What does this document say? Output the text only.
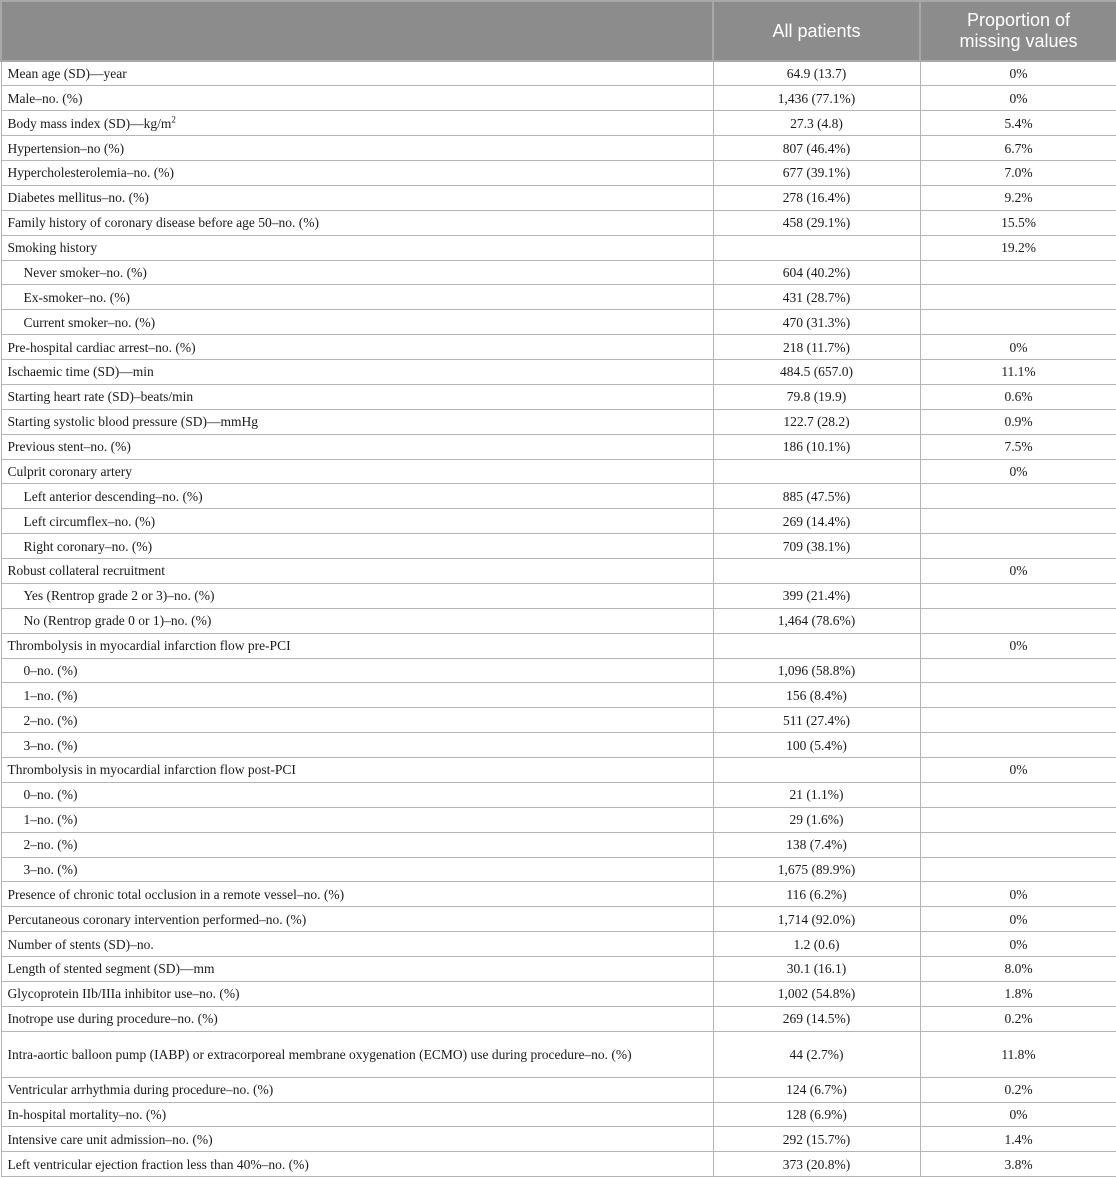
	All patients	Proportion of
missing values
Mean age (SD)—year	64.9 (13.7)	0%
Male–no. (%)	1,436 (77.1%)	0%
Body mass index $(SD)—kg/m^2$	27.3 (4.8)	5.4%
Hypertension–no (%)	807 (46.4%)	6.7%
Hypercholesterolemia–no. (%)	677 (39.1%)	7.0%
Diabetes mellitus–no. (%)	278 (16.4%)	9.2%
Family history of coronary disease before age 50–no. (%)	458 (29.1%)	15.5%
Smoking history		19.2%
Never smoker–no. (%)	604 (40.2%)	
Ex-smoker–no. (%)	431 (28.7%)	
Current smoker–no. (%)	470 (31.3%)	
Pre-hospital cardiac arrest–no. (%)	218 (11.7%)	0%
Ischaemic time (SD)—min	484.5 (657.0)	11.1%
Starting heart rate (SD)–beats/min	79.8 (19.9)	0.6%
Starting systolic blood pressure (SD)—mmHg	122.7 (28.2)	0.9%
Previous stent–no. (%)	186 (10.1%)	7.5%
Culprit coronary artery		0%
Left anterior descending–no. (%)	885 (47.5%)	
Left circumflex–no. (%)	269 (14.4%)	
Right coronary–no. (%)	709 (38.1%)	
Robust collateral recruitment		0%
Yes (Rentrop grade 2 or 3)–no. (%)	399 (21.4%)	
No (Rentrop grade 0 or 1)–no. (%)	1,464 (78.6%)	
Thrombolysis in myocardial infarction flow pre-PCI		0%
0–no. (%)	1,096 (58.8%)	
1–no. (%)	156 (8.4%)	
2–no. (%)	511 (27.4%)	
3–no. (%)	100 (5.4%)	
Thrombolysis in myocardial infarction flow post-PCI		0%
0–no. (%)	21 (1.1%)	
1–no. (%)	29 (1.6%)	
2–no. (%)	138 (7.4%)	
3–no. (%)	1,675 (89.9%)	
Presence of chronic total occlusion in a remote vessel–no. (%)	116 (6.2%)	0%
Percutaneous coronary intervention performed–no. (%)	1,714 (92.0%)	0%
Number of stents (SD)–no.	1.2 (0.6)	0%
Length of stented segment (SD)—mm	30.1 (16.1)	8.0%
Glycoprotein IIb/IIIa inhibitor use–no. (%)	1,002 (54.8%)	1.8%
Inotrope use during procedure–no. (%)	269 (14.5%)	0.2%
Intra-aortic balloon pump (IABP) or extracorporeal membrane oxygenation (ECMO) use during procedure–no. (%)	44 (2.7%)	11.8%
Ventricular arrhythmia during procedure–no. (%)	124 (6.7%)	0.2%
In-hospital mortality–no. (%)	128 (6.9%)	0%
Intensive care unit admission–no. (%)	292 (15.7%)	1.4%
Left ventricular ejection fraction less than 40%–no. (%)	373 (20.8%)	3.8%
